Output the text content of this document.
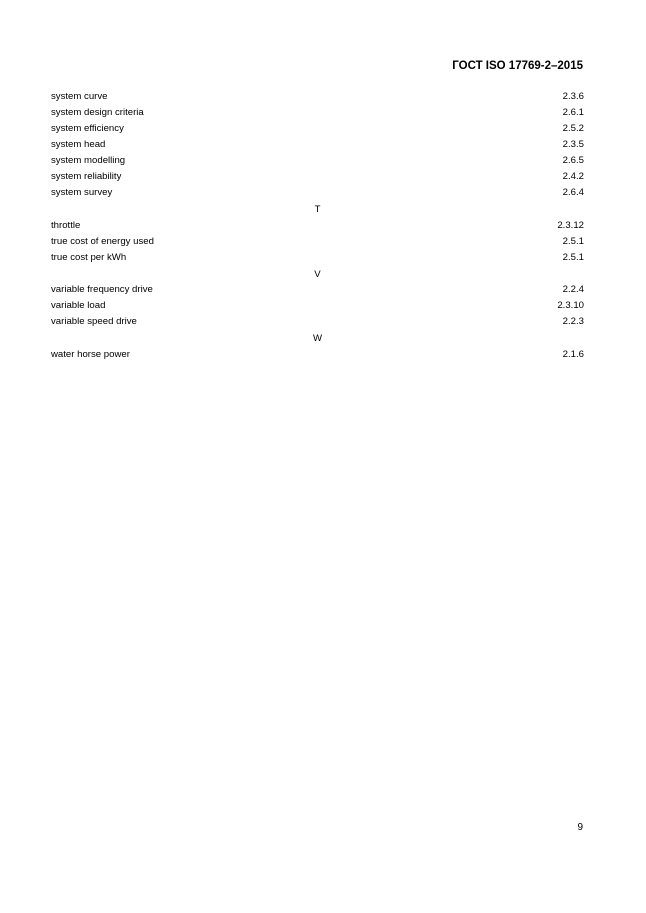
ГОСТ ISO 17769-2–2015
system curve	2.3.6
system design criteria	2.6.1
system efficiency	2.5.2
system head	2.3.5
system modelling	2.6.5
system reliability	2.4.2
system survey	2.6.4
T
throttle	2.3.12
true cost of energy used	2.5.1
true cost per kWh	2.5.1
V
variable frequency drive	2.2.4
variable load	2.3.10
variable speed drive	2.2.3
W
water horse power	2.1.6
9
